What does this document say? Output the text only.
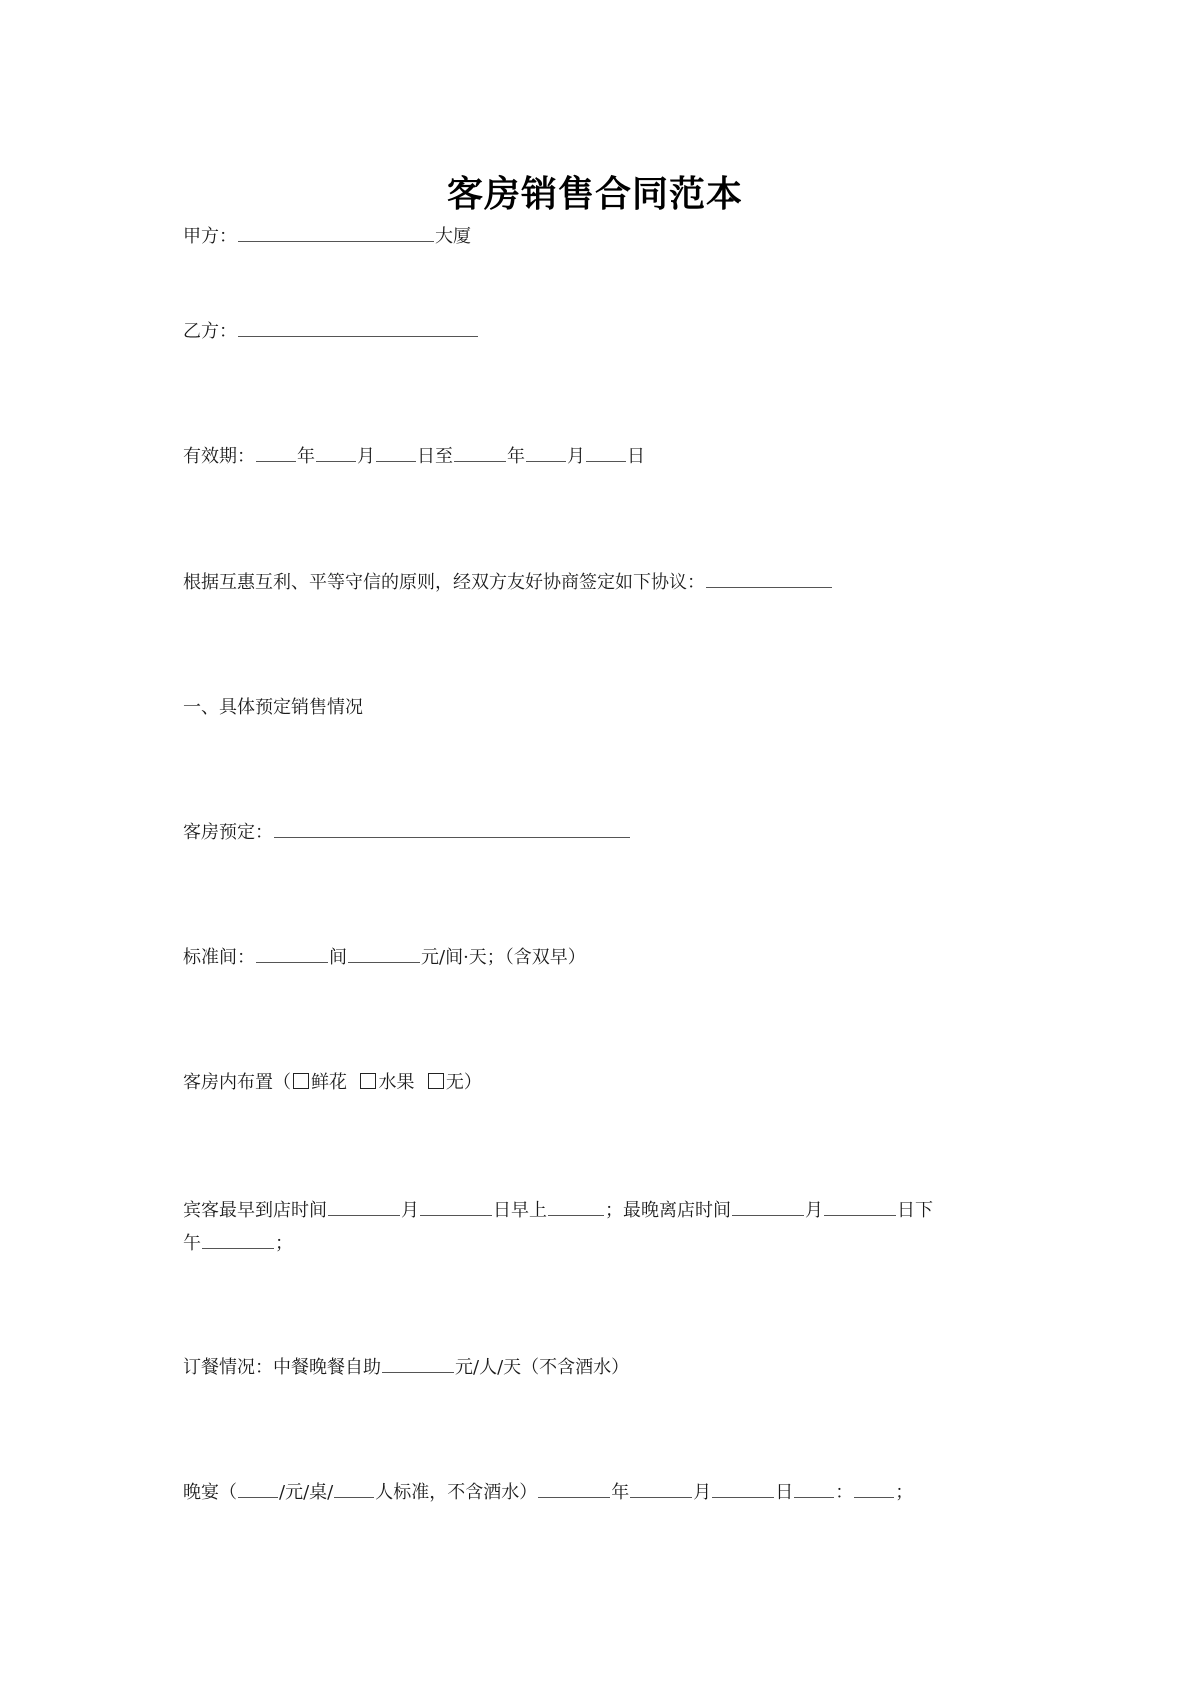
客房销售合同范本
甲方：	大厦
乙方：
有效期： 年 月 日至	年 月 日
根据互惠互利、平等守信的原则，经双方友好协商签定如下协议：
一、具体预定销售情况
客房预定：
标准间：	间	元/间·天；（含双早）
客房内布置（ 鲜花 水果 无）
宾客最早到店时间	月	日早上	；最晚离店时间	月	日下
午	；
订餐情况：中餐晚餐自助	元/人/天（不含酒水）
晚宴（ /元/桌/ 人标准，不含酒水）	年	月	日 ： ；
